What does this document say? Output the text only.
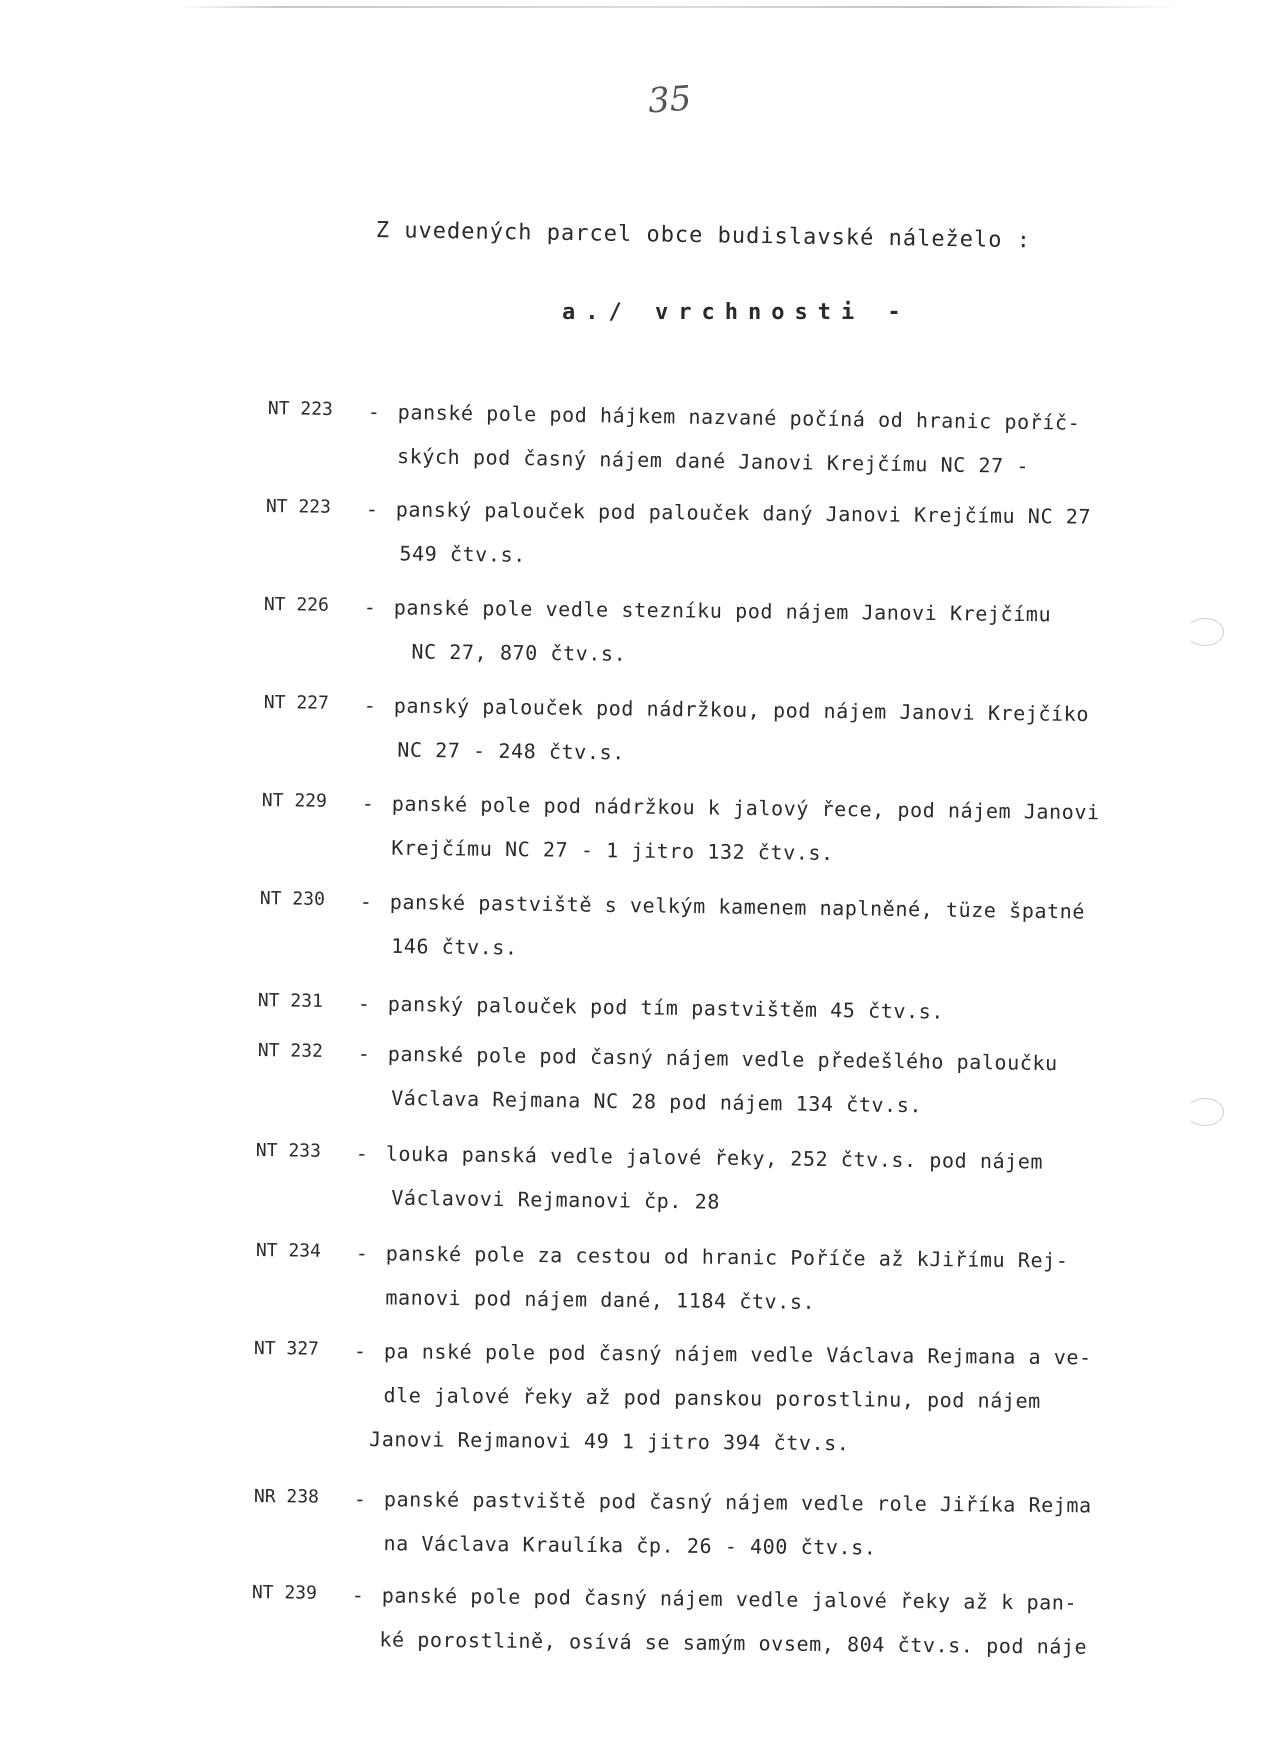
35
Z uvedených parcel obce budislavské náleželo :
a./ vrchnosti -
NT 223 - panské pole pod hájkem nazvané počíná od hranic poříč-
ských pod časný nájem dané Janovi Krejčímu NC 27 -
NT 223 - panský palouček pod palouček daný Janovi Krejčímu NC 27
549 čtv.s.
NT 226 - panské pole vedle stezníku pod nájem Janovi Krejčímu
NC 27, 870 čtv.s.
NT 227 - panský palouček pod nádržkou, pod nájem Janovi Krejčíko
NC 27 - 248 čtv.s.
NT 229 - panské pole pod nádržkou k jalový řece, pod nájem Janovi
Krejčímu NC 27 - 1 jitro 132 čtv.s.
NT 230 - panské pastviště s velkým kamenem naplněné, tüze špatné
146 čtv.s.
NT 231 - panský palouček pod tím pastvištěm 45 čtv.s.
NT 232 - panské pole pod časný nájem vedle předešlého paloučku
Václava Rejmana NC 28 pod nájem 134 čtv.s.
NT 233 - louka panská vedle jalové řeky, 252 čtv.s. pod nájem
Václavovi Rejmanovi čp. 28
NT 234 - panské pole za cestou od hranic Poříče až kJiřímu Rej-
manovi pod nájem dané, 1184 čtv.s.
NT 327 - pa nské pole pod časný nájem vedle Václava Rejmana a ve-
dle jalové řeky až pod panskou porostlinu, pod nájem
Janovi Rejmanovi 49 1 jitro 394 čtv.s.
NR 238 - panské pastviště pod časný nájem vedle role Jiříka Rejma
na Václava Kraulíka čp. 26 - 400 čtv.s.
NT 239 - panské pole pod časný nájem vedle jalové řeky až k pan-
ké porostlině, osívá se samým ovsem, 804 čtv.s. pod náje
